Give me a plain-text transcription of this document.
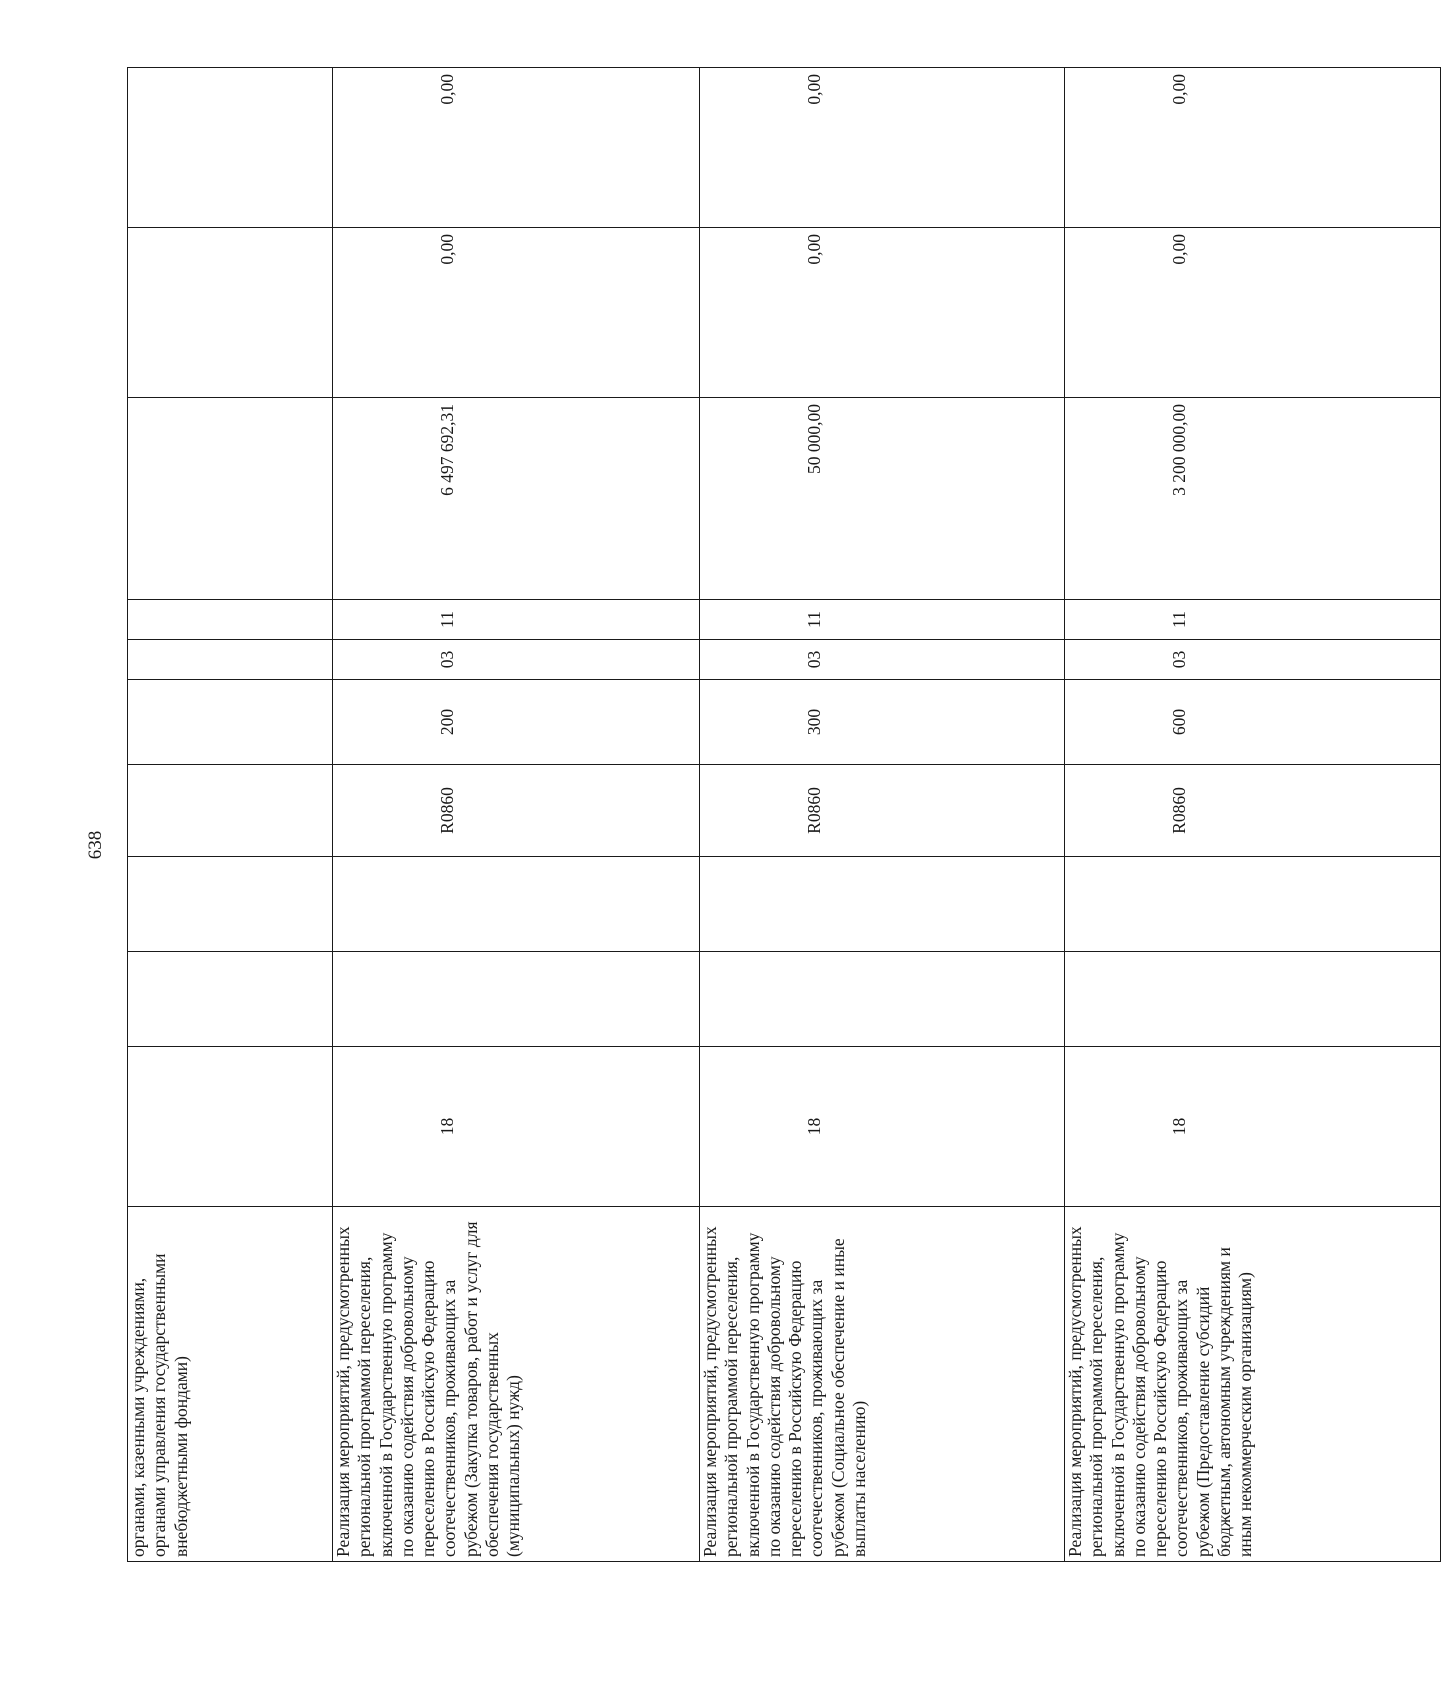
638
органами, казенными учреждениями, органами управления государственными внебюджетными фондами)										

Реализация мероприятий, предусмотренных региональной программой переселения, включенной в Государственную программу по оказанию содействия добровольному переселению в Российскую Федерацию соотечественников, проживающих за рубежом (Закупка товаров, работ и услуг для обеспечения государственных (муниципальных) нужд)	18			R0860	200	03	11	6 497 692,31	0,00	0,00

Реализация мероприятий, предусмотренных региональной программой переселения, включенной в Государственную программу по оказанию содействия добровольному переселению в Российскую Федерацию соотечественников, проживающих за рубежом (Социальное обеспечение и иные выплаты населению)	18			R0860	300	03	11	50 000,00	0,00	0,00

Реализация мероприятий, предусмотренных региональной программой переселения, включенной в Государственную программу по оказанию содействия добровольному переселению в Российскую Федерацию соотечественников, проживающих за рубежом (Предоставление субсидий бюджетным, автономным учреждениям и иным некоммерческим организациям)	18			R0860	600	03	11	3 200 000,00	0,00	0,00
